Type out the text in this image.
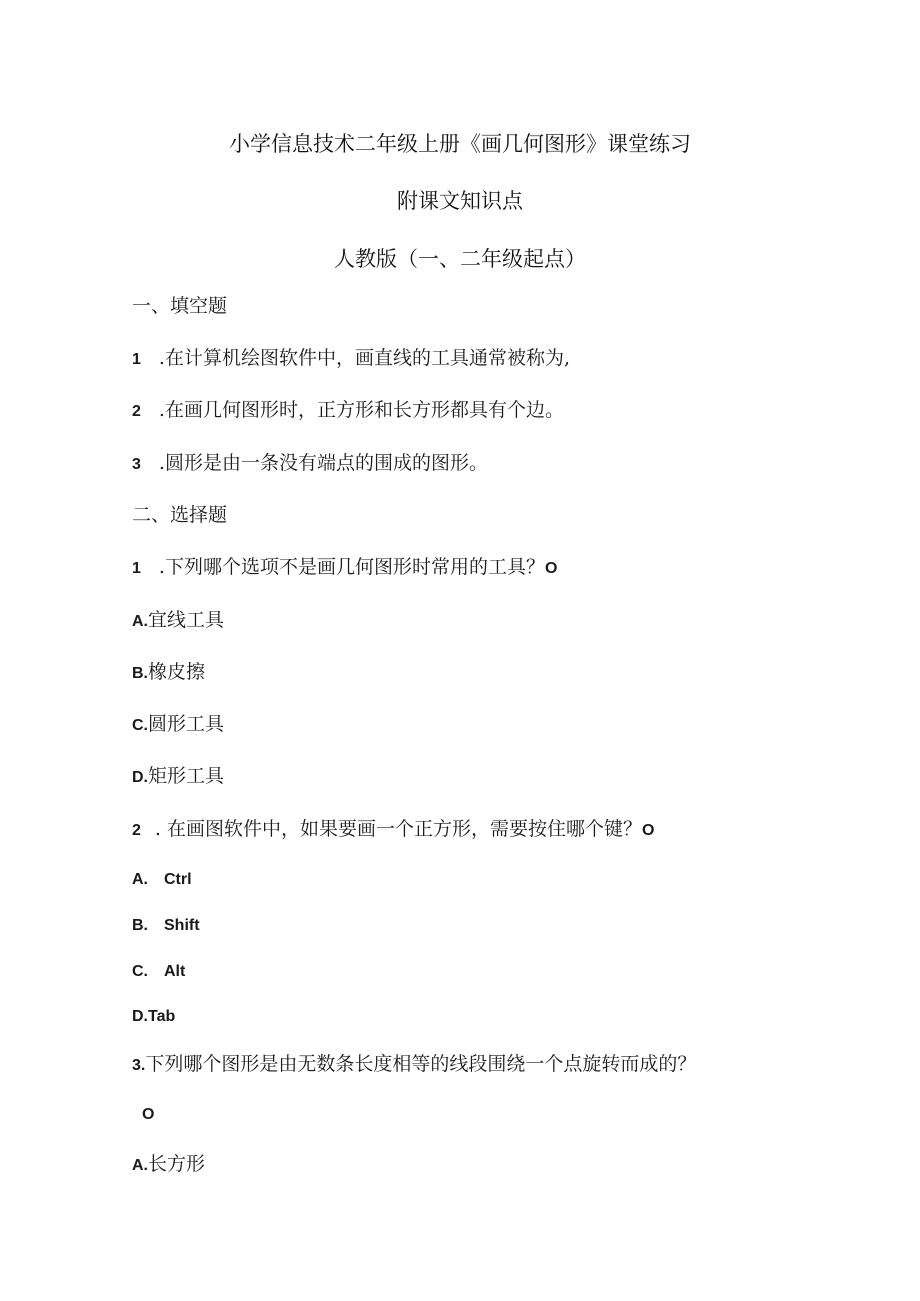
小学信息技术二年级上册《画几何图形》课堂练习
附课文知识点
人教版（一、二年级起点）
一、填空题
1 .在计算机绘图软件中，画直线的工具通常被称为,
2 .在画几何图形时，正方形和长方形都具有个边。
3 .圆形是由一条没有端点的围成的图形。
二、选择题
1 .下列哪个选项不是画几何图形时常用的工具？O
A.宜线工具
B.橡皮擦
C.圆形工具
D.矩形工具
2 . 在画图软件中，如果要画一个正方形，需要按住哪个键？O
A. Ctrl
B. Shift
C. Alt
D.Tab
3.下列哪个图形是由无数条长度相等的线段围绕一个点旋转而成的？
O
A.长方形
